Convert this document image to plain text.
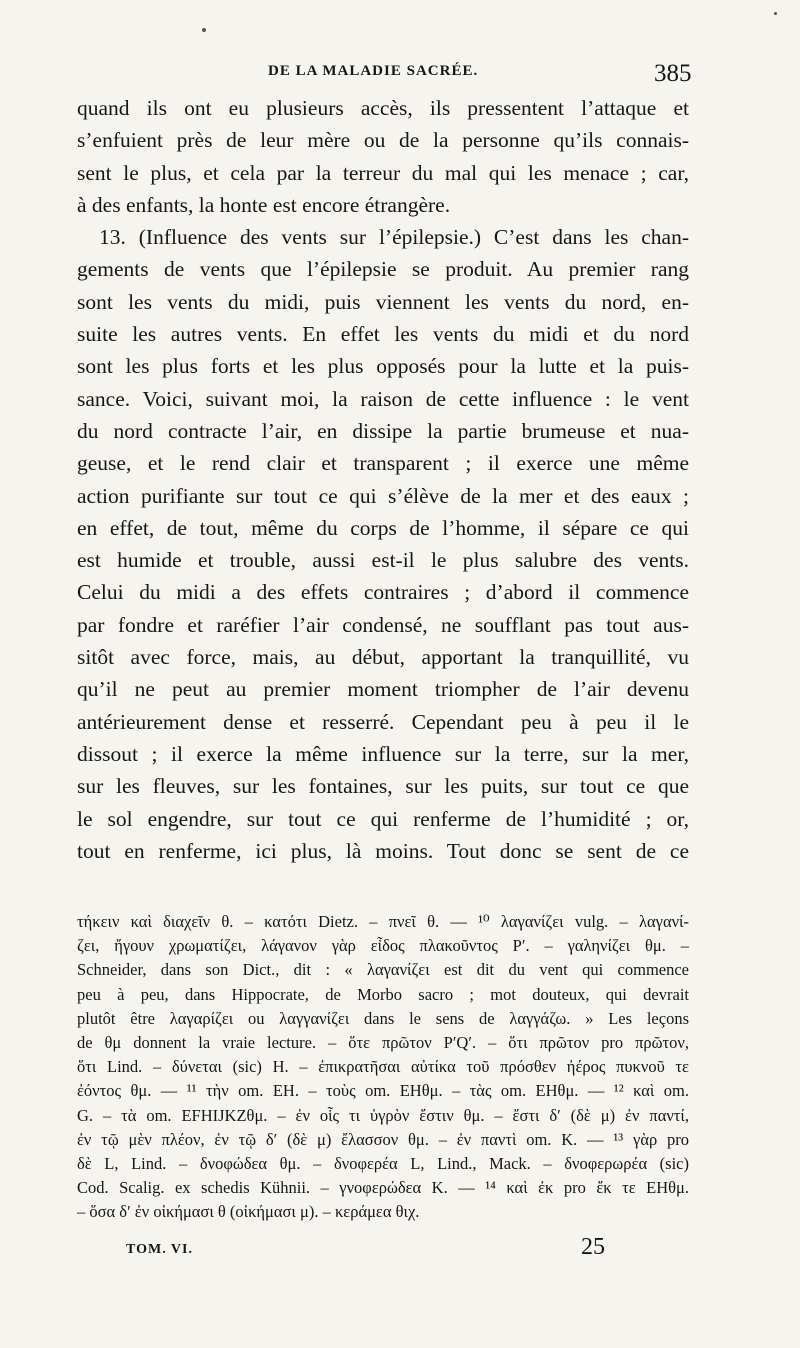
DE LA MALADIE SACRÉE.	385
quand ils ont eu plusieurs accès, ils pressentent l’attaque et
s’enfuient près de leur mère ou de la personne qu’ils connais-
sent le plus, et cela par la terreur du mal qui les menace ; car,
à des enfants, la honte est encore étrangère.
13. (Influence des vents sur l’épilepsie.) C’est dans les chan-
gements de vents que l’épilepsie se produit. Au premier rang
sont les vents du midi, puis viennent les vents du nord, en-
suite les autres vents. En effet les vents du midi et du nord
sont les plus forts et les plus opposés pour la lutte et la puis-
sance. Voici, suivant moi, la raison de cette influence : le vent
du nord contracte l’air, en dissipe la partie brumeuse et nua-
geuse, et le rend clair et transparent ; il exerce une même
action purifiante sur tout ce qui s’élève de la mer et des eaux ;
en effet, de tout, même du corps de l’homme, il sépare ce qui
est humide et trouble, aussi est-il le plus salubre des vents.
Celui du midi a des effets contraires ; d’abord il commence
par fondre et raréfier l’air condensé, ne soufflant pas tout aus-
sitôt avec force, mais, au début, apportant la tranquillité, vu
qu’il ne peut au premier moment triompher de l’air devenu
antérieurement dense et resserré. Cependant peu à peu il le
dissout ; il exerce la même influence sur la terre, sur la mer,
sur les fleuves, sur les fontaines, sur les puits, sur tout ce que
le sol engendre, sur tout ce qui renferme de l’humidité ; or,
tout en renferme, ici plus, là moins. Tout donc se sent de ce
τήκειν καὶ διαχεῖν θ. – κατότι Dietz. – πνεῖ θ. — ¹⁰ λαγανίζει vulg. – λαγανί-
ζει, ἤγουν χρωματίζει, λάγανον γὰρ εἶδος πλακοῦντος P′. – γαληνίζει θμ. –
Schneider, dans son Dict., dit : « λαγανίζει est dit du vent qui commence
peu à peu, dans Hippocrate, de Morbo sacro ; mot douteux, qui devrait
plutôt être λαγαρίζει ou λαγγανίζει dans le sens de λαγγάζω. » Les leçons
de θμ donnent la vraie lecture. – ὅτε πρῶτον P′Q′. – ὅτι πρῶτον pro πρῶτον,
ὅτι Lind. – δύνεται (sic) H. – ἐπικρατῆσαι αὐτίκα τοῦ πρόσθεν ἠέρος πυκνοῦ τε
ἐόντος θμ. — ¹¹ τὴν om. EH. – τοὺς om. EHθμ. – τὰς om. EHθμ. — ¹² καὶ om.
G. – τὰ om. EFHIJKZθμ. – ἐν οἷς τι ὑγρὸν ἔστιν θμ. – ἔστι δ′ (δὲ μ) ἐν παντί,
ἐν τῷ μὲν πλέον, ἐν τῷ δ′ (δὲ μ) ἔλασσον θμ. – ἐν παντὶ om. K. — ¹³ γὰρ pro
δὲ L, Lind. – δνοφώδεα θμ. – δνοφερέα L, Lind., Mack. – δνοφερωρέα (sic)
Cod. Scalig. ex schedis Kühnii. – γνοφερώδεα K. — ¹⁴ καὶ ἐκ pro ἔκ τε EHθμ.
– ὅσα δ′ ἐν οἰκήμασι θ (οἰκήμασι μ). – κεράμεα θιχ.
TOM. VI.	25
